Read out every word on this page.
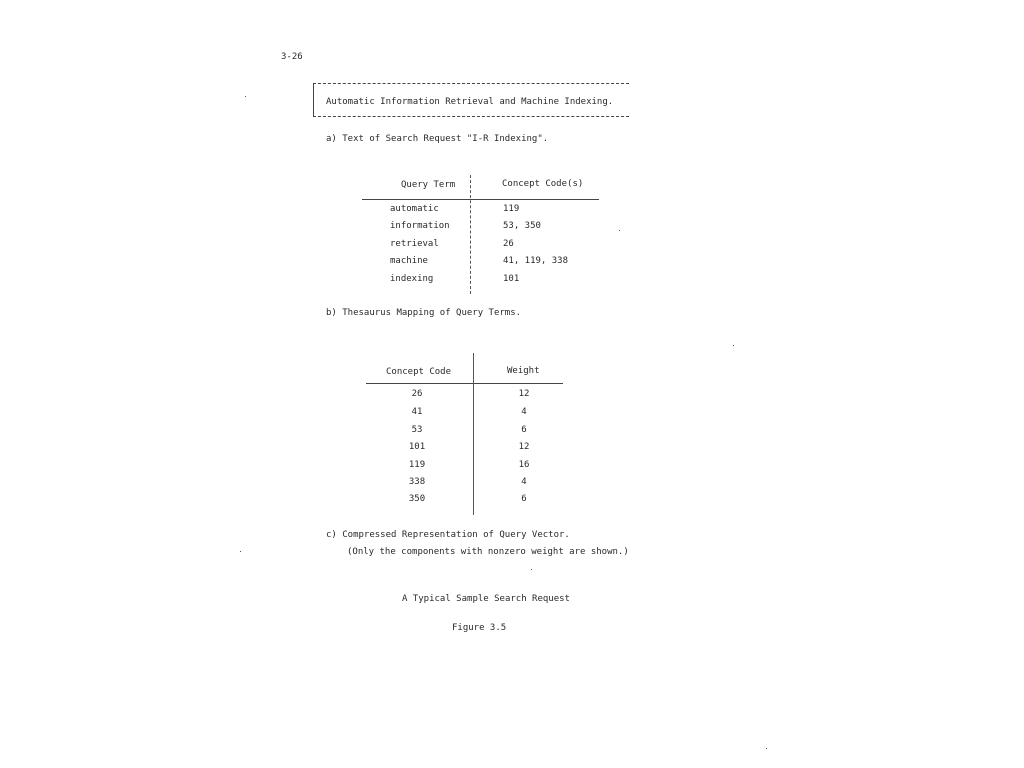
3-26
Automatic Information Retrieval and Machine Indexing.
a) Text of Search Request "I-R Indexing".
Query Term	Concept Code(s)
automatic	119
information	53, 350
retrieval	26
machine	41, 119, 338
indexing	101
b) Thesaurus Mapping of Query Terms.
Concept Code	Weight
26	12
41	4
53	6
101	12
119	16
338	4
350	6
c) Compressed Representation of Query Vector.
(Only the components with nonzero weight are shown.)
A Typical Sample Search Request
Figure 3.5
